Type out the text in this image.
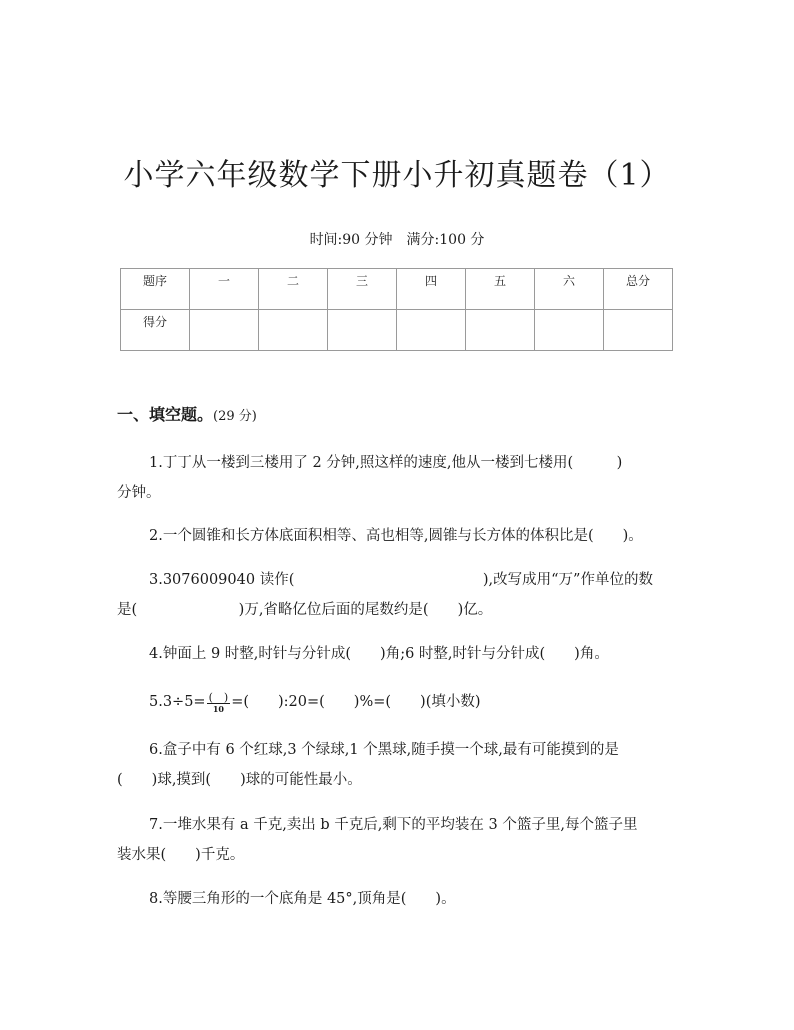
小学六年级数学下册小升初真题卷（1）
时间:90 分钟 满分:100 分
题序	一	二	三	四	五	六	总分
得分							
一、填空题。(29 分)
1.丁丁从一楼到三楼用了 2 分钟,照这样的速度,他从一楼到七楼用(　　　)
分钟。
2.一个圆锥和长方体底面积相等、高也相等,圆锥与长方体的体积比是(　　)。
3.3076009040 读作(　　　　　　　　　　　　　),改写成用“万”作单位的数
是(　　　　　　　)万,省略亿位后面的尾数约是(　　)亿。
4.钟面上 9 时整,时针与分针成(　　)角;6 时整,时针与分针成(　　)角。
$5.3\div 5= \frac{( )}{10}$ =(　　):20=(　　)%=(　　)(填小数)
6.盒子中有 6 个红球,3 个绿球,1 个黑球,随手摸一个球,最有可能摸到的是
(　　)球,摸到(　　)球的可能性最小。
7.一堆水果有 a 千克,卖出 b 千克后,剩下的平均装在 3 个篮子里,每个篮子里
装水果(　　)千克。
8.等腰三角形的一个底角是 45°,顶角是(　　)。
